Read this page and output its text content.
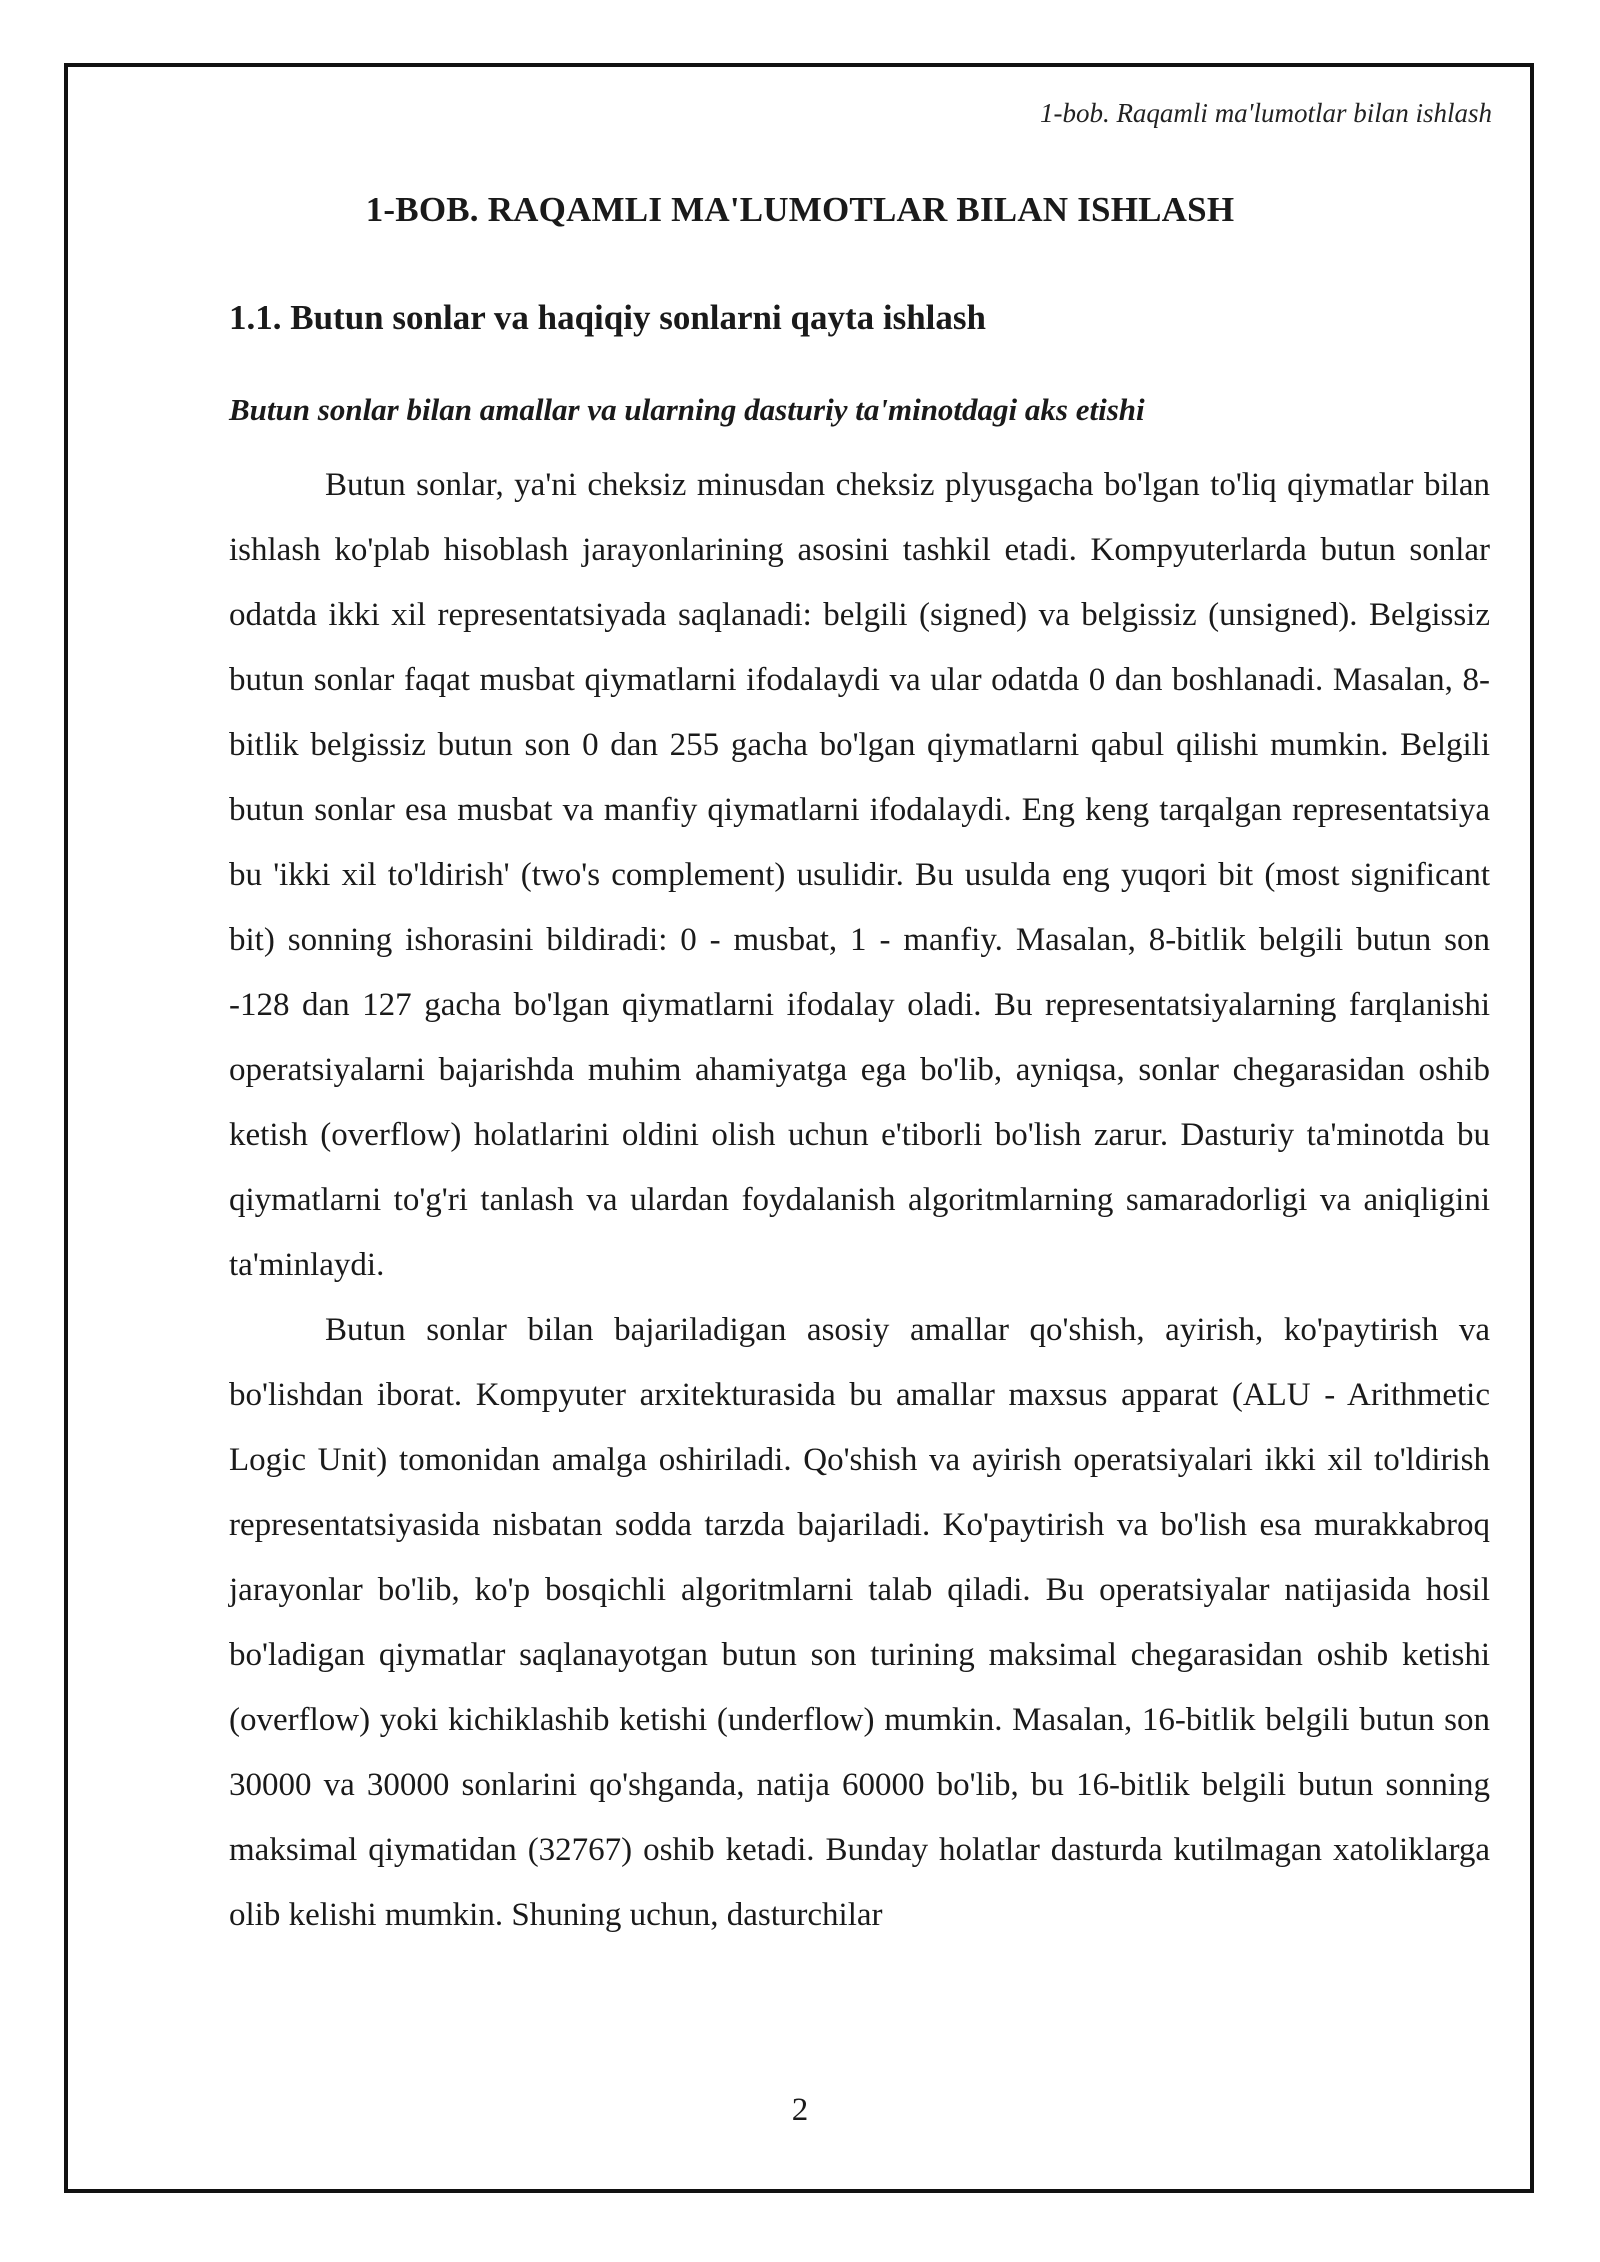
1-bob. Raqamli ma'lumotlar bilan ishlash
1-BOB. RAQAMLI MA'LUMOTLAR BILAN ISHLASH
1.1. Butun sonlar va haqiqiy sonlarni qayta ishlash
Butun sonlar bilan amallar va ularning dasturiy ta'minotdagi aks etishi

Butun sonlar, ya'ni cheksiz minusdan cheksiz plyusgacha bo'lgan to'liq qiymatlar bilan ishlash ko'plab hisoblash jarayonlarining asosini tashkil etadi. Kompyuterlarda butun sonlar odatda ikki xil representatsiyada saqlanadi: belgili (signed) va belgissiz (unsigned). Belgissiz butun sonlar faqat musbat qiymatlarni ifodalaydi va ular odatda 0 dan boshlanadi. Masalan, 8-bitlik belgissiz butun son 0 dan 255 gacha bo'lgan qiymatlarni qabul qilishi mumkin. Belgili butun sonlar esa musbat va manfiy qiymatlarni ifodalaydi. Eng keng tarqalgan representatsiya bu 'ikki xil to'ldirish' (two's complement) usulidir. Bu usulda eng yuqori bit (most significant bit) sonning ishorasini bildiradi: 0 - musbat, 1 - manfiy. Masalan, 8-bitlik belgili butun son -128 dan 127 gacha bo'lgan qiymatlarni ifodalay oladi. Bu representatsiyalarning farqlanishi operatsiyalarni bajarishda muhim ahamiyatga ega bo'lib, ayniqsa, sonlar chegarasidan oshib ketish (overflow) holatlarini oldini olish uchun e'tiborli bo'lish zarur. Dasturiy ta'minotda bu qiymatlarni to'g'ri tanlash va ulardan foydalanish algoritmlarning samaradorligi va aniqligini ta'minlaydi.

Butun sonlar bilan bajariladigan asosiy amallar qo'shish, ayirish, ko'paytirish va bo'lishdan iborat. Kompyuter arxitekturasida bu amallar maxsus apparat (ALU - Arithmetic Logic Unit) tomonidan amalga oshiriladi. Qo'shish va ayirish operatsiyalari ikki xil to'ldirish representatsiyasida nisbatan sodda tarzda bajariladi. Ko'paytirish va bo'lish esa murakkabroq jarayonlar bo'lib, ko'p bosqichli algoritmlarni talab qiladi. Bu operatsiyalar natijasida hosil bo'ladigan qiymatlar saqlanayotgan butun son turining maksimal chegarasidan oshib ketishi (overflow) yoki kichiklashib ketishi (underflow) mumkin. Masalan, 16-bitlik belgili butun son 30000 va 30000 sonlarini qo'shganda, natija 60000 bo'lib, bu 16-bitlik belgili butun sonning maksimal qiymatidan (32767) oshib ketadi. Bunday holatlar dasturda kutilmagan xatoliklarga olib kelishi mumkin. Shuning uchun, dasturchilar

2
